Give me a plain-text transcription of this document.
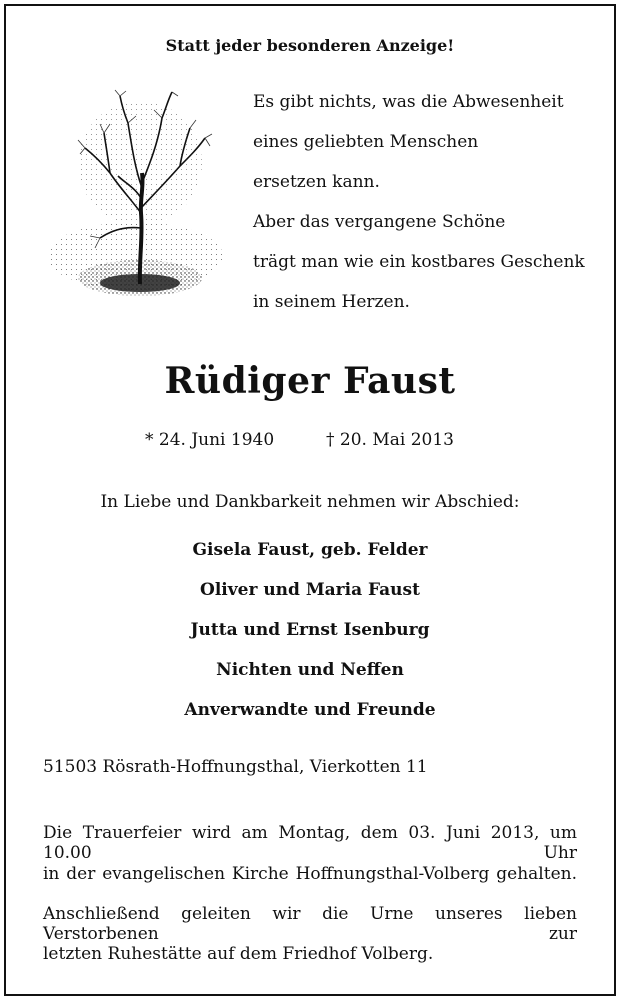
Statt jeder besonderen Anzeige!
Es gibt nichts, was die Abwesenheit
eines geliebten Menschen
ersetzen kann.
Aber das vergangene Schöne
trägt man wie ein kostbares Geschenk
in seinem Herzen.
Rüdiger Faust
* 24. Juni 1940	† 20. Mai 2013
In Liebe und Dankbarkeit nehmen wir Abschied:
Gisela Faust, geb. Felder
Oliver und Maria Faust
Jutta und Ernst Isenburg
Nichten und Neffen
Anverwandte und Freunde
51503 Rösrath-Hoffnungsthal, Vierkotten 11
Die Trauerfeier wird am Montag, dem 03. Juni 2013, um 10.00 Uhr
in der evangelischen Kirche Hoffnungsthal-Volberg gehalten.
Anschließend geleiten wir die Urne unseres lieben Verstorbenen zur
letzten Ruhestätte auf dem Friedhof Volberg.
